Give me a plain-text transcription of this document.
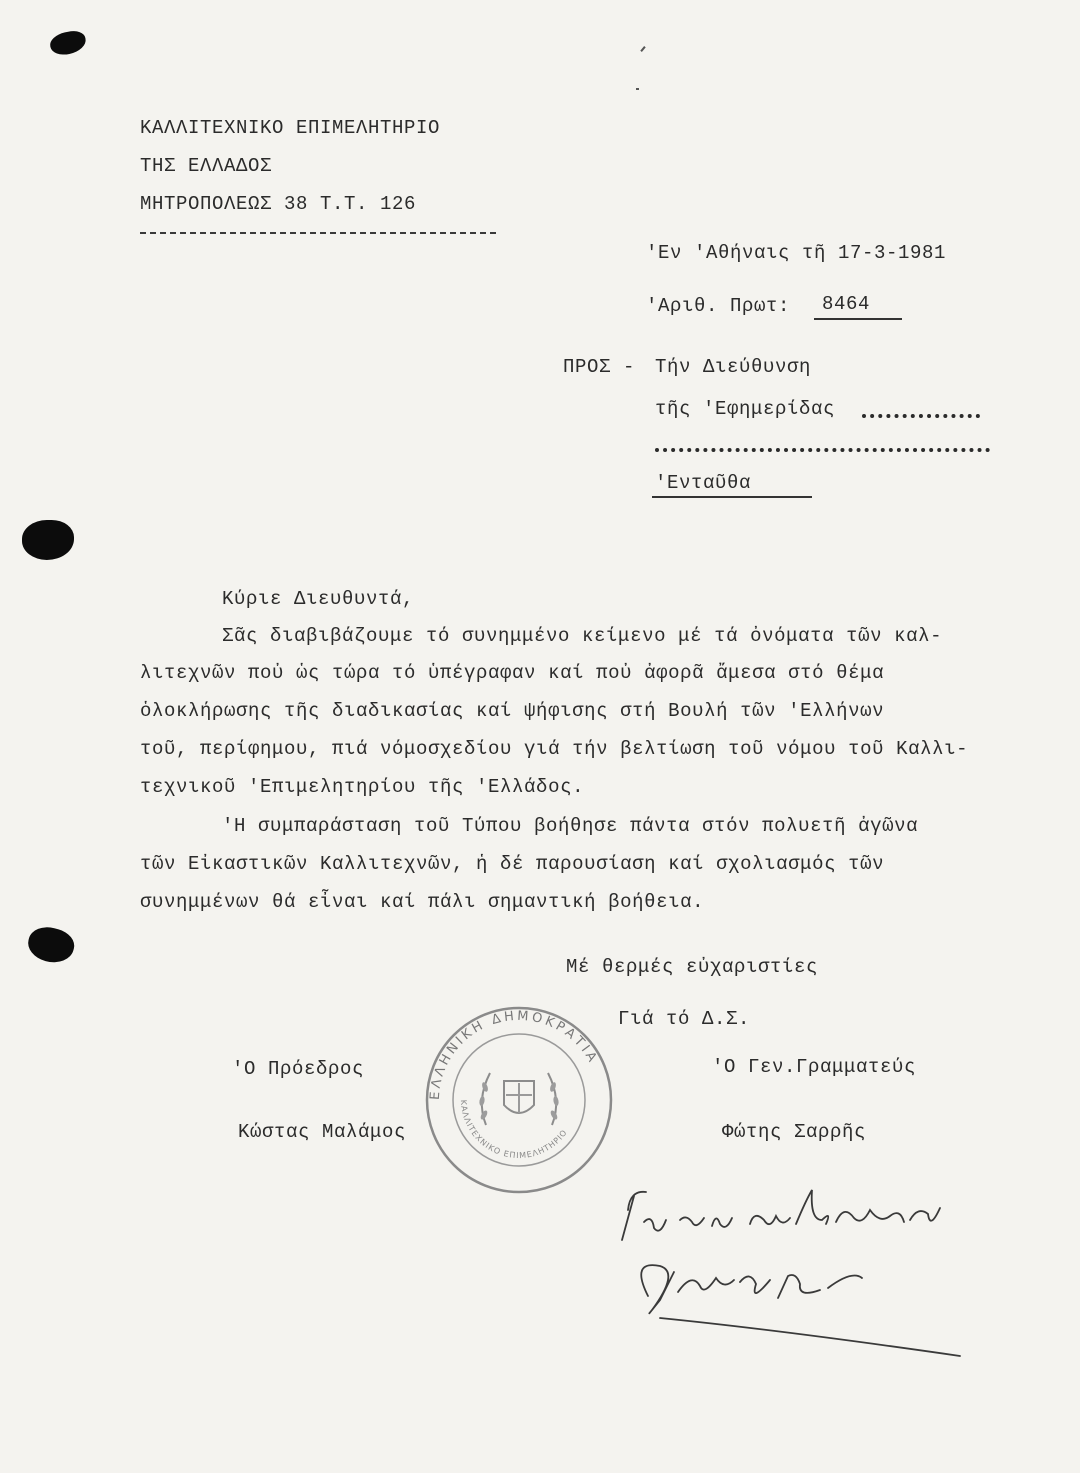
ΚΑΛΛΙΤΕΧΝΙΚΟ ΕΠΙΜΕΛΗΤΗΡΙΟ
ΤΗΣ ΕΛΛΑΔΟΣ
ΜΗΤΡΟΠΟΛΕΩΣ 38 Τ.Τ. 126
'Εν 'Αθήναις τῆ 17-3-1981
'Αριθ. Πρωτ: 8464
ΠΡΟΣ - Τήν Διεύθυνση
τῆς 'Εφημερίδας
'Ενταῦθα
Κύριε Διευθυντά,
Σᾶς διαβιβάζουμε τό συνημμένο κείμενο μέ τά ὀνόματα τῶν καλ-
λιτεχνῶν ποὐ ὡς τώρα τό ὑπέγραφαν καί ποὐ ἀφορᾶ ἄμεσα στό θέμα
ὁλοκλήρωσης τῆς διαδικασίας καί ψήφισης στή Βουλή τῶν 'Ελλήνων
τοῦ, περίφημου, πιά νόμοσχεδίου γιά τήν βελτίωση τοῦ νόμου τοῦ Καλλι-
τεχνικοῦ 'Επιμελητηρίου τῆς 'Ελλάδος.
'Η συμπαράσταση τοῦ Τύπου βοήθησε πάντα στόν πολυετῆ ἀγῶνα
τῶν Εἰκαστικῶν Καλλιτεχνῶν, ἡ δέ παρουσίαση καί σχολιασμός τῶν
συνημμένων θά εἶναι καί πάλι σημαντική βοήθεια.
Μέ θερμές εὐχαριστίες
Γιά τό Δ.Σ.
'Ο Πρόεδρος
Κώστας Μαλάμος
'Ο Γεν.Γραμματεύς
Φώτης Σαρρῆς
ΕΛΛΗΝΙΚΗ ΔΗΜΟΚΡΑΤΙΑ
ΚΑΛΛΙΤΕΧΝΙΚΟ ΕΠΙΜΕΛΗΤΗΡΙΟ
